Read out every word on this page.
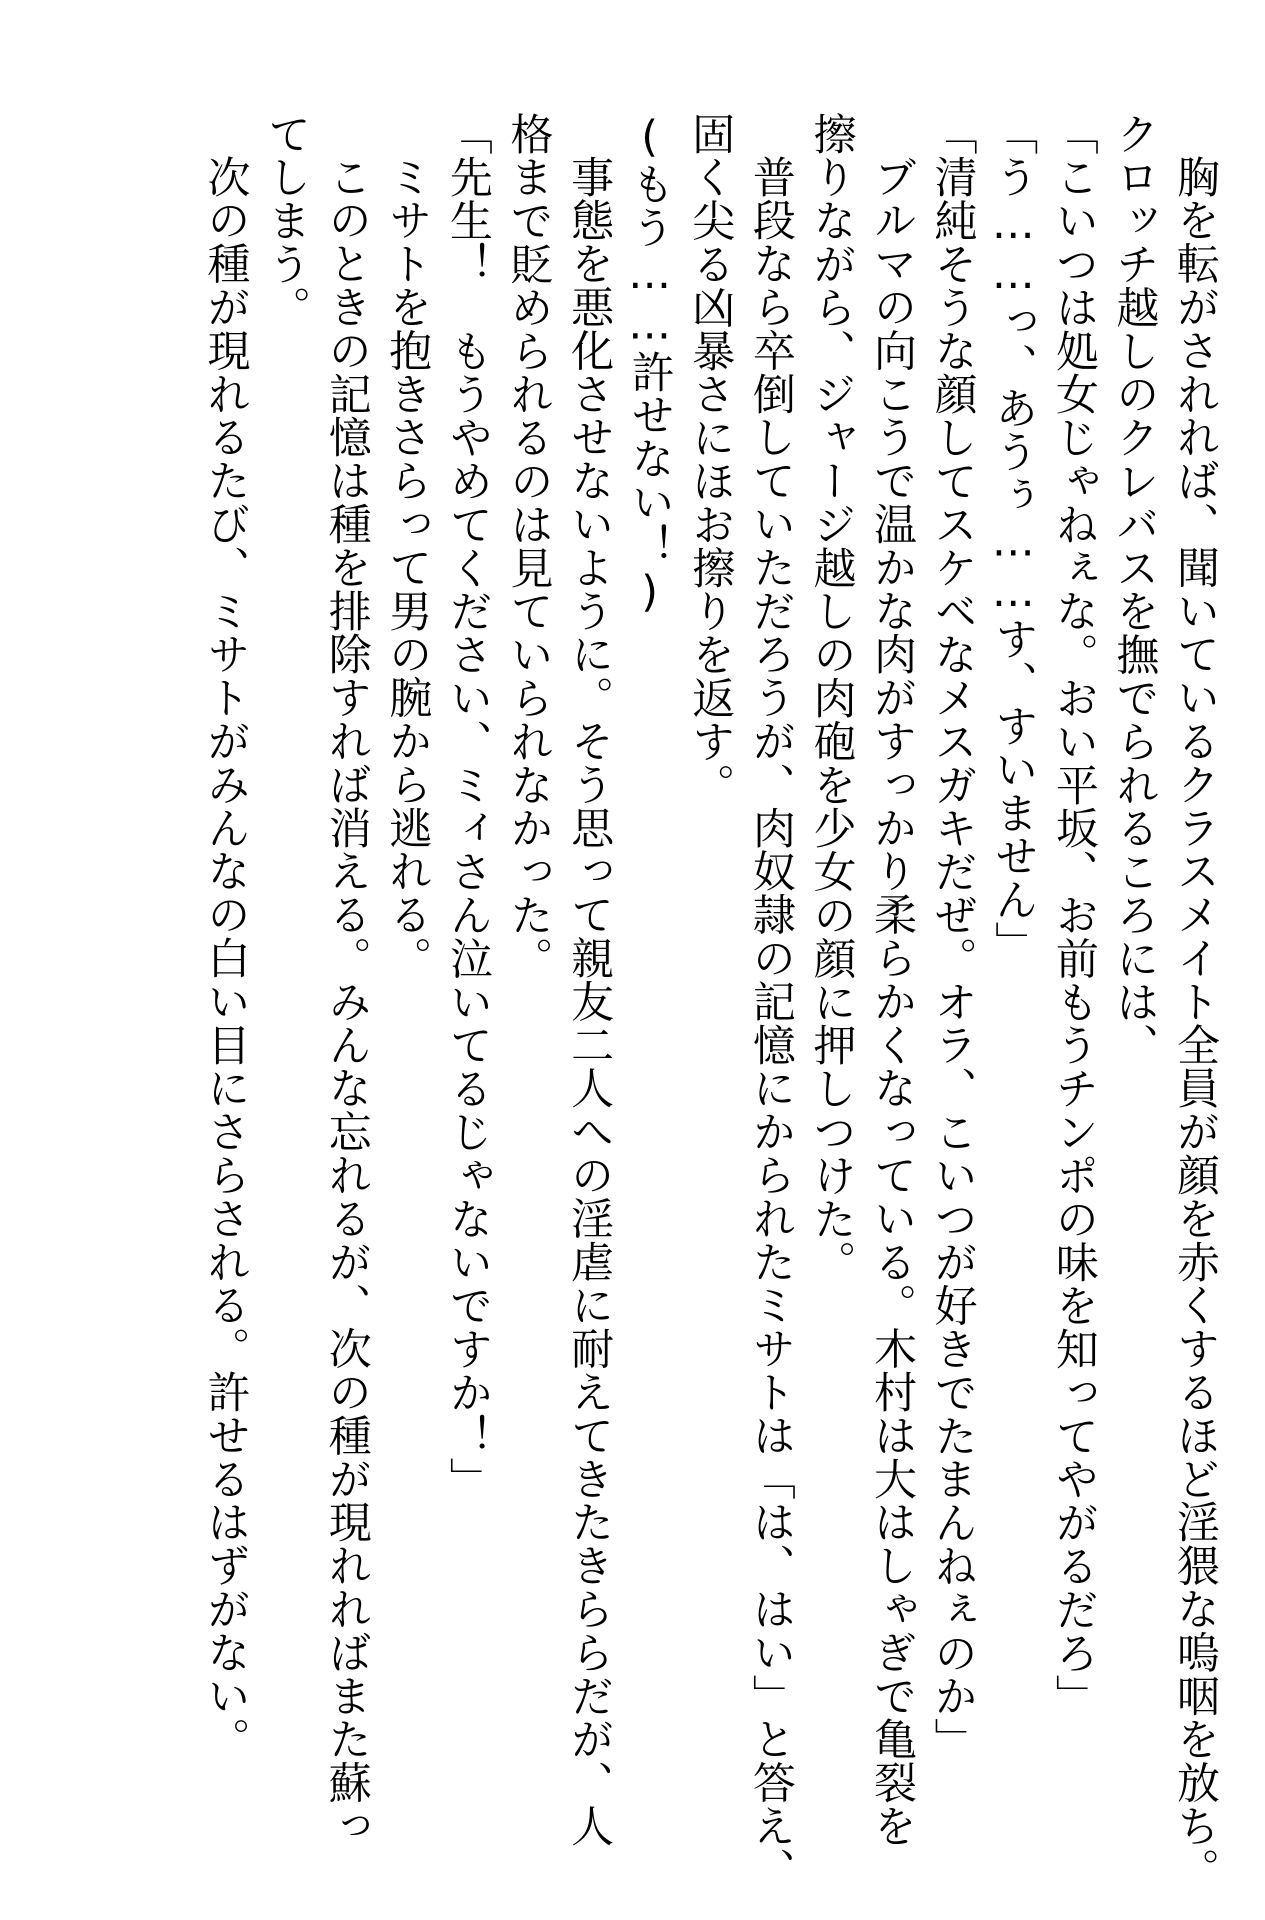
胸を転がされれば、聞いているクラスメイト全員が顔を赤くするほど淫猥な嗚咽を放ち。
クロッチ越しのクレバスを撫でられるころには、
「こいつは処女じゃねぇな。おい平坂、お前もうチンポの味を知ってやがるだろ」
「う……っ、あうぅ……す、すいません」
「清純そうな顔してスケベなメスガキだぜ。オラ、こいつが好きでたまんねぇのか」
ブルマの向こうで温かな肉がすっかり柔らかくなっている。木村は大はしゃぎで亀裂を
擦りながら、ジャージ越しの肉砲を少女の顔に押しつけた。
普段なら卒倒していただろうが、肉奴隷の記憶にかられたミサトは「は、はい」と答え、
固く尖る凶暴さにほお擦りを返す。
(もう……許せない！)
事態を悪化させないように。そう思って親友二人への淫虐に耐えてきたきららだが、人
格まで貶められるのは見ていられなかった。
「先生！　もうやめてください、ミィさん泣いてるじゃないですか！」
ミサトを抱きさらって男の腕から逃れる。
このときの記憶は種を排除すれば消える。みんな忘れるが、次の種が現れればまた蘇っ
てしまう。
次の種が現れるたび、ミサトがみんなの白い目にさらされる。許せるはずがない。
